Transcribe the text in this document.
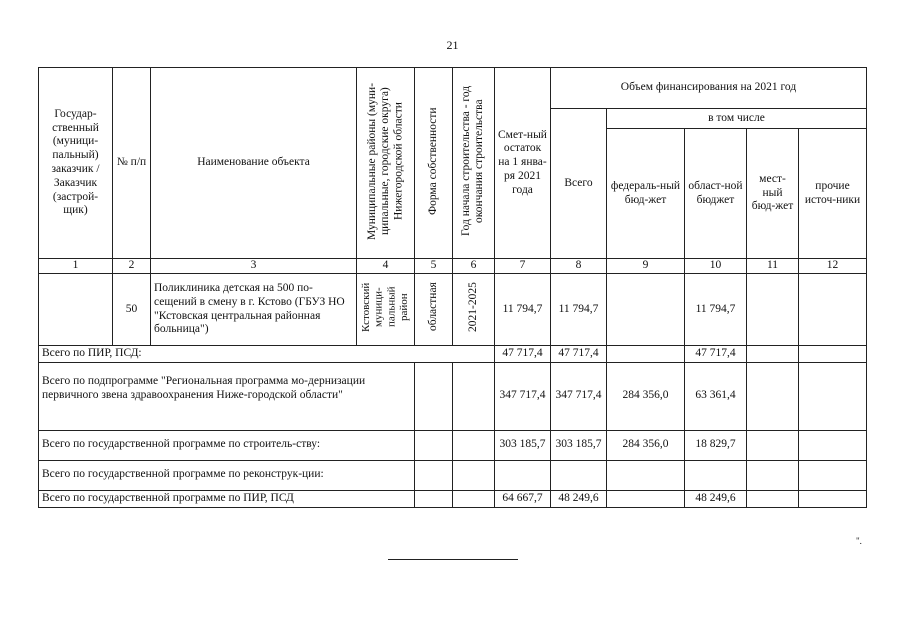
21
Государ-ственный (муници-пальный) заказчик / Заказчик (застрой-щик)	№ п/п	Наименование объекта	Муниципальные районы (муни-ципальные, городские округа) Нижегородской области	Форма собственности	Год начала строительства - год окончания строительства	Смет-ный остаток на 1 янва-ря 2021 года	Объем финансирования на 2021 год				
							Всего	в том числе			
								федераль-ный бюд-жет	област-ной бюджет	мест-ный бюд-жет	прочие источ-ники
1	2	3	4	5	6	7	8	9	10	11	12
	50	Поликлиника детская на 500 по-сещений в смену в г. Кстово (ГБУЗ НО "Кстовская центральная районная больница")	Кстовский муници-пальный район	областная	2021-2025	11 794,7	11 794,7		11 794,7		
Всего по ПИР, ПСД:						47 717,4	47 717,4		47 717,4		
Всего по подпрограмме "Региональная программа мо-дернизации первичного звена здравоохранения Ниже-городской области"						347 717,4	347 717,4	284 356,0	63 361,4		
Всего по государственной программе по строитель-ству:						303 185,7	303 185,7	284 356,0	18 829,7		
Всего по государственной программе по реконструк-ции:											
Всего по государственной программе по ПИР, ПСД						64 667,7	48 249,6		48 249,6		
".
